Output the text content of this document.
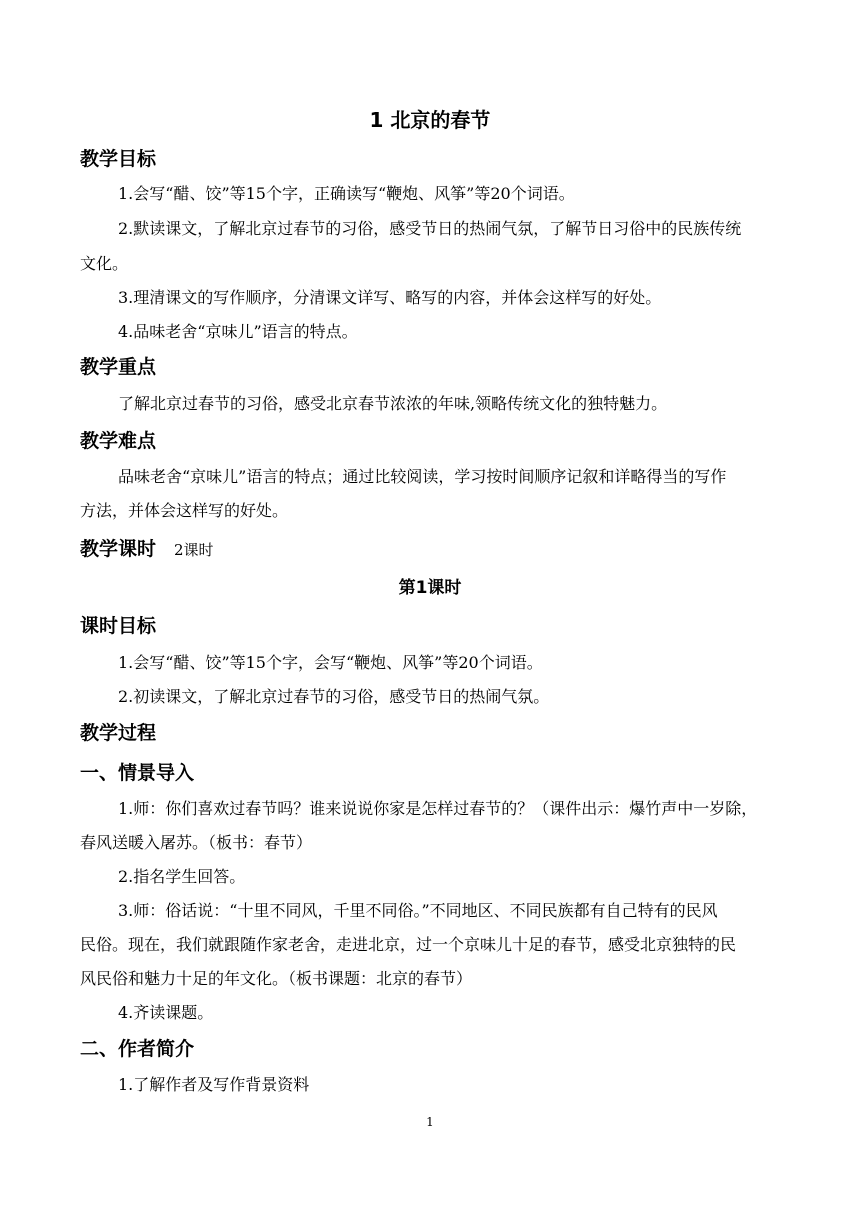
1 北京的春节
教学目标
1.会写“醋、饺”等15个字，正确读写“鞭炮、风筝”等20个词语。
2.默读课文，了解北京过春节的习俗，感受节日的热闹气氛，了解节日习俗中的民族传统
文化。
3.理清课文的写作顺序，分清课文详写、略写的内容，并体会这样写的好处。
4.品味老舍“京味儿”语言的特点。
教学重点
了解北京过春节的习俗，感受北京春节浓浓的年味,领略传统文化的独特魅力。
教学难点
品味老舍“京味儿”语言的特点；通过比较阅读，学习按时间顺序记叙和详略得当的写作
方法，并体会这样写的好处。
教学课时 2课时
第1课时
课时目标
1.会写“醋、饺”等15个字，会写“鞭炮、风筝”等20个词语。
2.初读课文，了解北京过春节的习俗，感受节日的热闹气氛。
教学过程
一、情景导入
1.师：你们喜欢过春节吗？谁来说说你家是怎样过春节的？（课件出示：爆竹声中一岁除，
春风送暖入屠苏。（板书：春节）
2.指名学生回答。
3.师：俗话说：“十里不同风，千里不同俗。”不同地区、不同民族都有自己特有的民风
民俗。现在，我们就跟随作家老舍，走进北京，过一个京味儿十足的春节，感受北京独特的民
风民俗和魅力十足的年文化。（板书课题：北京的春节）
4.齐读课题。
二、作者简介
1.了解作者及写作背景资料
1
